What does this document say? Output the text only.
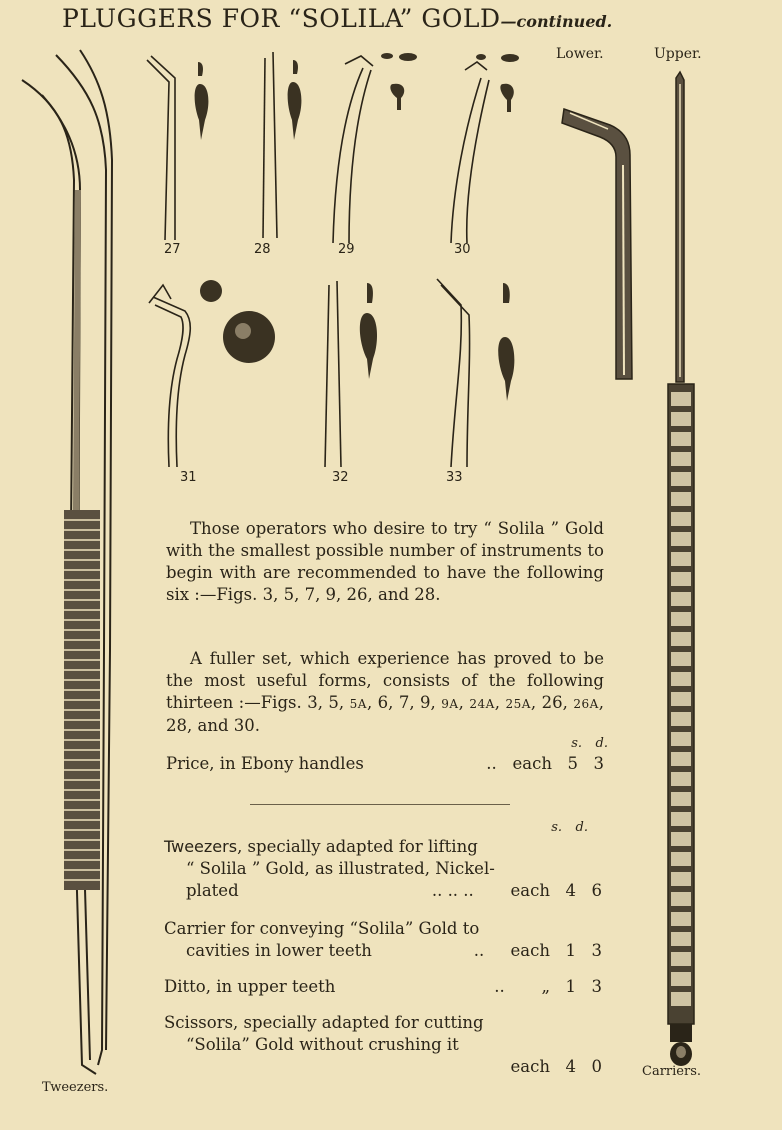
PLUGGERS FOR “SOLILA” GOLD—continued.
Lower.	Upper.
Tweezers.
Carriers.
27	28	29	30
31	32	33
Those operators who desire to try “ Solila ” Gold with the smallest possible number of instruments to begin with are recommended to have the following six :—Figs. 3, 5, 7, 9, 26, and 28.
A fuller set, which experience has proved to be the most useful forms, consists of the following thirteen :—Figs. 3, 5, 5A, 6, 7, 9, 9A, 24A, 25A, 26, 26A, 28, and 30.
s. d.
Price, in Ebony handles	.. each 5 3
s. d.
Tweezers, specially adapted for lifting
“ Solila ” Gold, as illustrated, Nickel-
plated	.. .. .. each 4 6
Carrier for conveying “Solila” Gold to
cavities in lower teeth	.. each 1 3
Ditto, in upper teeth	.. „ 1 3
Scissors, specially adapted for cutting
“Solila” Gold without crushing it
each 4 0
